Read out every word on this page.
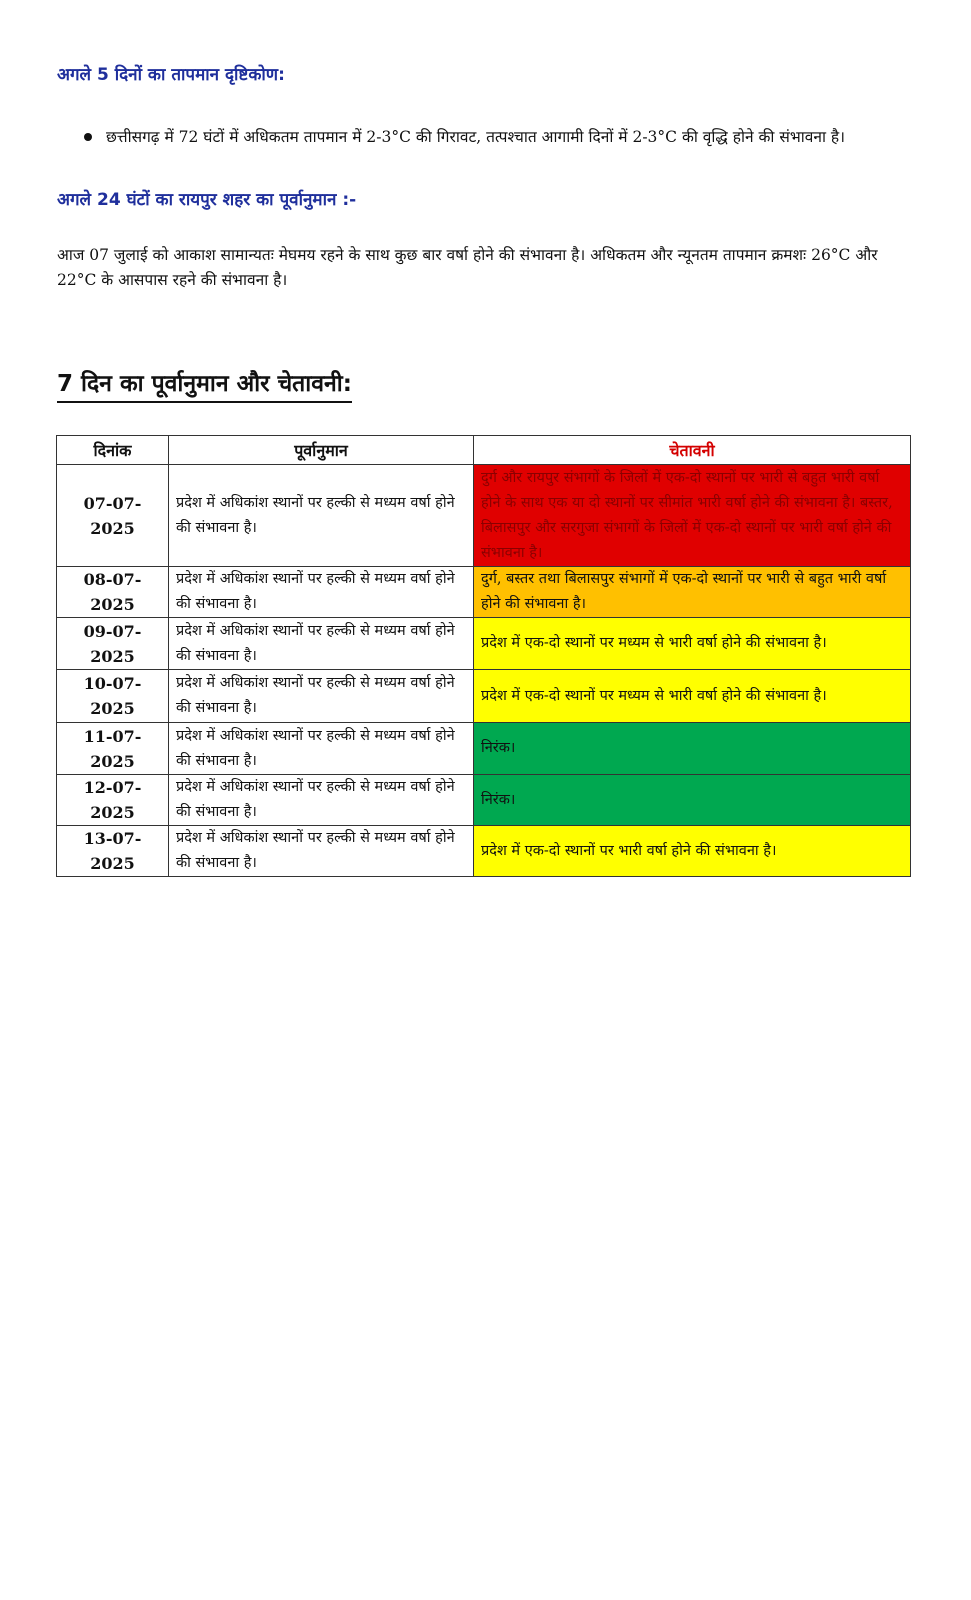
अगले 5 दिनों का तापमान दृष्टिकोण:
छत्तीसगढ़ में 72 घंटों में अधिकतम तापमान में 2-3°C की गिरावट, तत्पश्चात आगामी दिनों में 2-3°C की वृद्धि होने की संभावना है।
अगले 24 घंटों का रायपुर शहर का पूर्वानुमान :-

आज 07 जुलाई को आकाश सामान्यतः मेघमय रहने के साथ कुछ बार वर्षा होने की संभावना है। अधिकतम और न्यूनतम तापमान क्रमशः 26°C और 22°C के आसपास रहने की संभावना है।

7 दिन का पूर्वानुमान और चेतावनी:
दिनांक	पूर्वानुमान	चेतावनी
07-07-2025	प्रदेश में अधिकांश स्थानों पर हल्की से मध्यम वर्षा होने की संभावना है।	दुर्ग और रायपुर संभागों के जिलों में एक-दो स्थानों पर भारी से बहुत भारी वर्षा होने के साथ एक या दो स्थानों पर सीमांत भारी वर्षा होने की संभावना है। बस्तर, बिलासपुर और सरगुजा संभागों के जिलों में एक-दो स्थानों पर भारी वर्षा होने की संभावना है।
08-07-2025	प्रदेश में अधिकांश स्थानों पर हल्की से मध्यम वर्षा होने की संभावना है।	दुर्ग, बस्तर तथा बिलासपुर संभागों में एक-दो स्थानों पर भारी से बहुत भारी वर्षा होने की संभावना है।
09-07-2025	प्रदेश में अधिकांश स्थानों पर हल्की से मध्यम वर्षा होने की संभावना है।	प्रदेश में एक-दो स्थानों पर मध्यम से भारी वर्षा होने की संभावना है।
10-07-2025	प्रदेश में अधिकांश स्थानों पर हल्की से मध्यम वर्षा होने की संभावना है।	प्रदेश में एक-दो स्थानों पर मध्यम से भारी वर्षा होने की संभावना है।
11-07-2025	प्रदेश में अधिकांश स्थानों पर हल्की से मध्यम वर्षा होने की संभावना है।	निरंक।
12-07-2025	प्रदेश में अधिकांश स्थानों पर हल्की से मध्यम वर्षा होने की संभावना है।	निरंक।
13-07-2025	प्रदेश में अधिकांश स्थानों पर हल्की से मध्यम वर्षा होने की संभावना है।	प्रदेश में एक-दो स्थानों पर भारी वर्षा होने की संभावना है।
